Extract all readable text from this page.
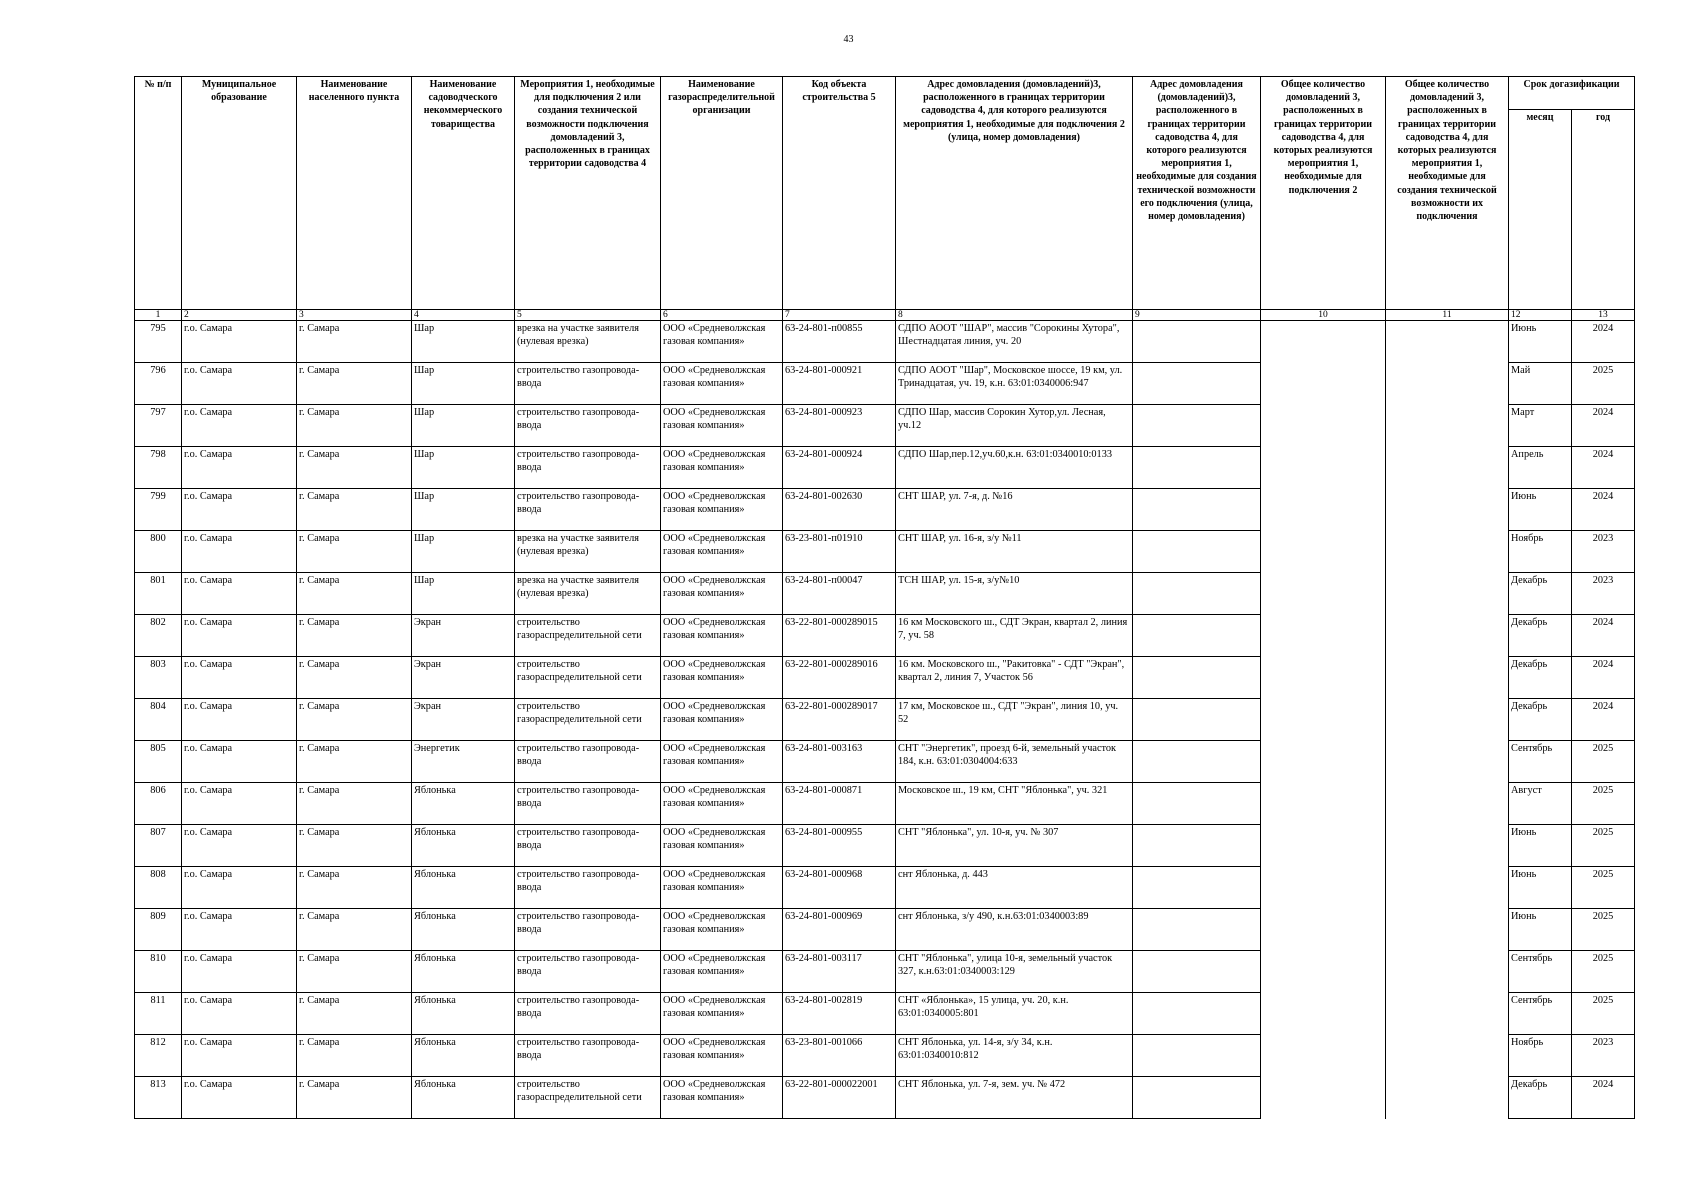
43
№ п/п	Муниципальное образование	Наименование населенного пункта	Наименование садоводческого некоммерческого товарищества	Мероприятия 1, необходимые для подключения 2 или создания технической возможности подключения домовладений 3, расположенных в границах территории садоводства 4	Наименование газораспределительной организации	Код объекта строительства 5	Адрес домовладения (домовладений)3, расположенного в границах территории садоводства 4, для которого реализуются мероприятия 1, необходимые для подключения 2 (улица, номер домовладения)	Адрес домовладения (домовладений)3, расположенного в границах территории садоводства 4, для которого реализуются мероприятия 1, необходимые для создания технической возможности его подключения (улица, номер домовладения)	Общее количество домовладений 3, расположенных в границах территории садоводства 4, для которых реализуются мероприятия 1, необходимые для подключения 2	Общее количество домовладений 3, расположенных в границах территории садоводства 4, для которых реализуются мероприятия 1, необходимые для создания технической возможности их подключения	Срок догазификации	
											месяц	год
1	2	3	4	5	6	7	8	9	10	11	12	13
795	г.о. Самара	г. Самара	Шар	врезка на участке заявителя (нулевая врезка)	ООО «Средневолжская газовая компания»	63-24-801-п00855	СДПО АООТ "ШАР", массив "Сорокины Хутора", Шестнадцатая линия, уч. 20				Июнь	2024
796	г.о. Самара	г. Самара	Шар	строительство газопровода-ввода	ООО «Средневолжская газовая компания»	63-24-801-000921	СДПО АООТ "Шар", Московское шоссе, 19 км, ул. Тринадцатая, уч. 19, к.н. 63:01:0340006:947				Май	2025
797	г.о. Самара	г. Самара	Шар	строительство газопровода-ввода	ООО «Средневолжская газовая компания»	63-24-801-000923	СДПО Шар, массив Сорокин Хутор,ул. Лесная, уч.12				Март	2024
798	г.о. Самара	г. Самара	Шар	строительство газопровода-ввода	ООО «Средневолжская газовая компания»	63-24-801-000924	СДПО Шар,пер.12,уч.60,к.н. 63:01:0340010:0133				Апрель	2024
799	г.о. Самара	г. Самара	Шар	строительство газопровода-ввода	ООО «Средневолжская газовая компания»	63-24-801-002630	СНТ ШАР, ул. 7-я, д. №16				Июнь	2024
800	г.о. Самара	г. Самара	Шар	врезка на участке заявителя (нулевая врезка)	ООО «Средневолжская газовая компания»	63-23-801-п01910	СНТ ШАР, ул. 16-я, з/у №11				Ноябрь	2023
801	г.о. Самара	г. Самара	Шар	врезка на участке заявителя (нулевая врезка)	ООО «Средневолжская газовая компания»	63-24-801-п00047	ТСН ШАР, ул. 15-я, з/у№10				Декабрь	2023
802	г.о. Самара	г. Самара	Экран	строительство газораспределительной сети	ООО «Средневолжская газовая компания»	63-22-801-000289015	16 км Московского ш., СДТ Экран, квартал 2, линия 7, уч. 58				Декабрь	2024
803	г.о. Самара	г. Самара	Экран	строительство газораспределительной сети	ООО «Средневолжская газовая компания»	63-22-801-000289016	16 км. Московского ш., "Ракитовка" - СДТ "Экран", квартал 2, линия 7, Участок 56				Декабрь	2024
804	г.о. Самара	г. Самара	Экран	строительство газораспределительной сети	ООО «Средневолжская газовая компания»	63-22-801-000289017	17 км, Московское ш., СДТ "Экран", линия 10, уч. 52				Декабрь	2024
805	г.о. Самара	г. Самара	Энергетик	строительство газопровода-ввода	ООО «Средневолжская газовая компания»	63-24-801-003163	СНТ "Энергетик", проезд 6-й, земельный участок 184, к.н. 63:01:0304004:633				Сентябрь	2025
806	г.о. Самара	г. Самара	Яблонька	строительство газопровода-ввода	ООО «Средневолжская газовая компания»	63-24-801-000871	Московское ш., 19 км, СНТ "Яблонька", уч. 321				Август	2025
807	г.о. Самара	г. Самара	Яблонька	строительство газопровода-ввода	ООО «Средневолжская газовая компания»	63-24-801-000955	СНТ "Яблонька", ул. 10-я, уч. № 307				Июнь	2025
808	г.о. Самара	г. Самара	Яблонька	строительство газопровода-ввода	ООО «Средневолжская газовая компания»	63-24-801-000968	снт Яблонька, д. 443				Июнь	2025
809	г.о. Самара	г. Самара	Яблонька	строительство газопровода-ввода	ООО «Средневолжская газовая компания»	63-24-801-000969	снт Яблонька, з/у 490, к.н.63:01:0340003:89				Июнь	2025
810	г.о. Самара	г. Самара	Яблонька	строительство газопровода-ввода	ООО «Средневолжская газовая компания»	63-24-801-003117	СНТ "Яблонька", улица 10-я, земельный участок 327, к.н.63:01:0340003:129				Сентябрь	2025
811	г.о. Самара	г. Самара	Яблонька	строительство газопровода-ввода	ООО «Средневолжская газовая компания»	63-24-801-002819	СНТ «Яблонька», 15 улица, уч. 20, к.н. 63:01:0340005:801				Сентябрь	2025
812	г.о. Самара	г. Самара	Яблонька	строительство газопровода-ввода	ООО «Средневолжская газовая компания»	63-23-801-001066	СНТ Яблонька, ул. 14-я, з/у 34, к.н. 63:01:0340010:812				Ноябрь	2023
813	г.о. Самара	г. Самара	Яблонька	строительство газораспределительной сети	ООО «Средневолжская газовая компания»	63-22-801-000022001	СНТ Яблонька, ул. 7-я, зем. уч. № 472				Декабрь	2024
